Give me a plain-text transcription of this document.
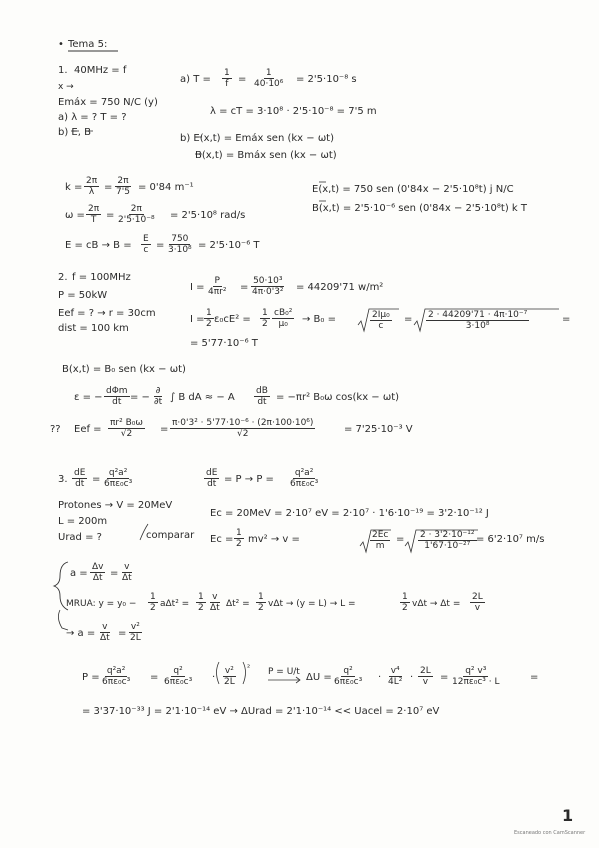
• Tema 5:
1. 40MHz = f
x →
Emáx = 750 N/C (y)
a) λ = ? T = ?
b) E, B
a) $T = \frac{1}{f} = \frac{1}{\text{40·10⁶}} = 2'5\cdot 10^{-8}$ s
λ = cT = 3·10⁸ · 2'5·10⁻⁸ = 7'5 m
b) E(x,t) = Emáx sen (kx − ωt)
B(x,t) = Bmáx sen (kx − ωt)
$k = \frac{2\pi}{\lambda} = \frac{2\pi}{7'5} = 0'84$ m⁻¹
$\omega = \frac{2\pi}{T} = \frac{2\pi}{\text{2'5·10⁻⁸}} = 2'5\cdot 10^8$ rad/s
E(x,t) = 750 sen (0'84x − 2'5·10⁸t) j N/C
B(x,t) = 2'5·10⁻⁶ sen (0'84x − 2'5·10⁸t) k T
E = cB → $B = \frac{E}{c} = \frac{750}{\text{3·10⁸}} = 2'5\cdot 10^{-6}$ T
2. f = 100MHz
P = 50kW
Eef = ? → r = 30cm
dist = 100 km
$I = \frac{P}{\text{4πr²}} = \frac{\text{50·10³}}{\text{4π·0'3²}} = 44209'71$ w/m²
$I = \frac{1}{2} \varepsilon_0cE^2 = \frac{1}{2} \frac{\text{cB₀²}}{\text{μ₀}} \to B_0$ =	$\frac{\text{2Iμ₀}}{c} = \frac{\text{2 · 44209'71 · 4π·10⁻⁷}}{\text{3·10⁸}}$	=
= 5'77·10⁻⁶ T
B(x,t) = B₀ sen (kx − ωt)
ε = −
dΦm
dt = −
∂
∂t ∫ B dA ≈ − A $\frac{dB}{dt} = -\pi r^2$ B₀ω cos(kx − ωt)
?? Eef = $\frac{\text{πr² B₀ω}}{√2} = \frac{\text{π·0'3² · 5'77·10⁻⁶ · (2π·100·10⁶)}}{√2}$	= 7'25·10⁻³ V
3. $\frac{dE}{dt} = \frac{\text{q²a²}}{\text{6πε₀c³}}$
Protones → V = 20MeV
L = 200m
Urad = ?	comparar
$\frac{dE}{dt} = P \to P = \frac{\text{q²a²}}{\text{6πε₀c³}}$
Ec = 20MeV = 2·10⁷ eV = 2·10⁷ · 1'6·10⁻¹⁹ = 3'2·10⁻¹² J
$Ec = \frac{1}{2} mv^2 \to v$ =	$\frac{2Ec}{m} = \frac{\text{2 · 3'2·10⁻¹²}}{\text{1'67·10⁻²⁷}} = 6'2\cdot 10^7$ m/s
$a = \frac{\Delta v}{\Delta t} = \frac{v}{\Delta t}$
MRUA: $y = y_0 - \frac{1}{2} a\Delta t^2 = \frac{1}{2} \frac{v}{\Delta t} \Delta t^2 = \frac{1}{2}$ vΔt → (y = L) → L =	$\frac{1}{2}$ $v\Delta t \to \Delta t = \frac{2L}{v}$
→ $a = \frac{v}{\Delta t} = \frac{\text{v²}}{2L}$
$P = \frac{\text{q²a²}}{\text{6πε₀c³}} = \frac{\text{q²}}{\text{6πε₀c³}} \cdot \frac{\text{v²}}{2L} ^2$ P = U/t $\Delta U = \frac{\text{q²}}{\text{6πε₀c³}} \cdot \frac{\text{v⁴}}{\text{4L²}} \cdot \frac{2L}{v} = \frac{\text{q² v³}}{\text{12πε₀c³ · L}}$	=
= 3'37·10⁻³³ J = 2'1·10⁻¹⁴ eV → ΔUrad = 2'1·10⁻¹⁴ << Uacel = 2·10⁷ eV
1
Escaneado con CamScanner
